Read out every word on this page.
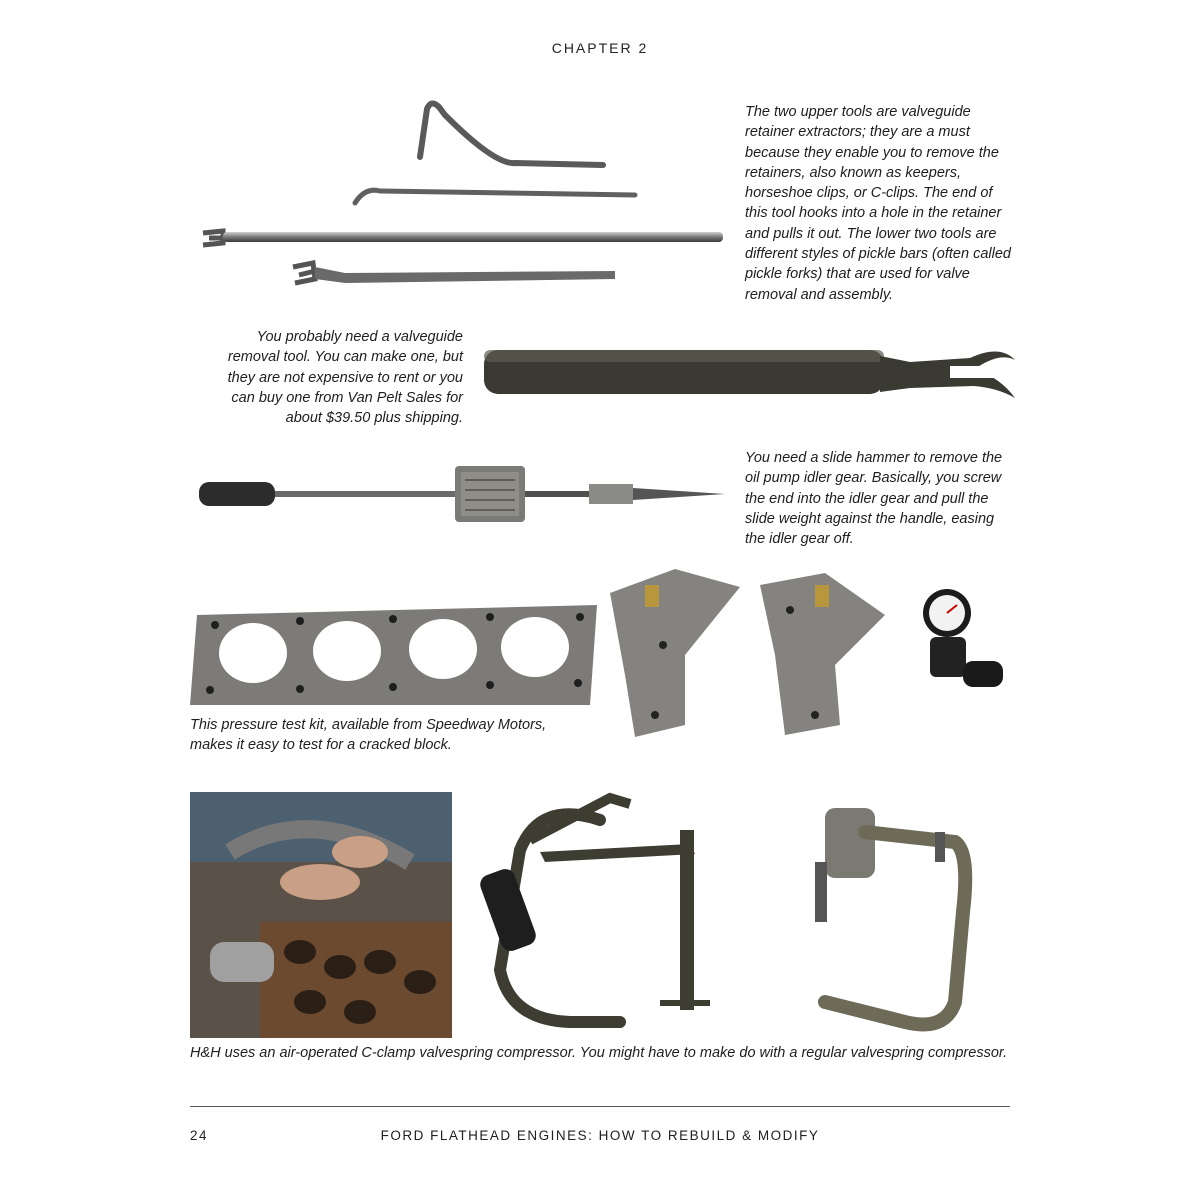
CHAPTER 2
The two upper tools are valveguide retainer extractors; they are a must because they enable you to remove the retainers, also known as keepers, horseshoe clips, or C-clips. The end of this tool hooks into a hole in the retainer and pulls it out. The lower two tools are different styles of pickle bars (often called pickle forks) that are used for valve removal and assembly.
You probably need a valveguide removal tool. You can make one, but they are not expensive to rent or you can buy one from Van Pelt Sales for about $39.50 plus shipping.
You need a slide hammer to remove the oil pump idler gear. Basically, you screw the end into the idler gear and pull the slide weight against the handle, easing the idler gear off.
This pressure test kit, available from Speedway Motors, makes it easy to test for a cracked block.
H&H uses an air-operated C-clamp valvespring compressor. You might have to make do with a regular valvespring compressor.
FORD FLATHEAD ENGINES: HOW TO REBUILD & MODIFY
24
